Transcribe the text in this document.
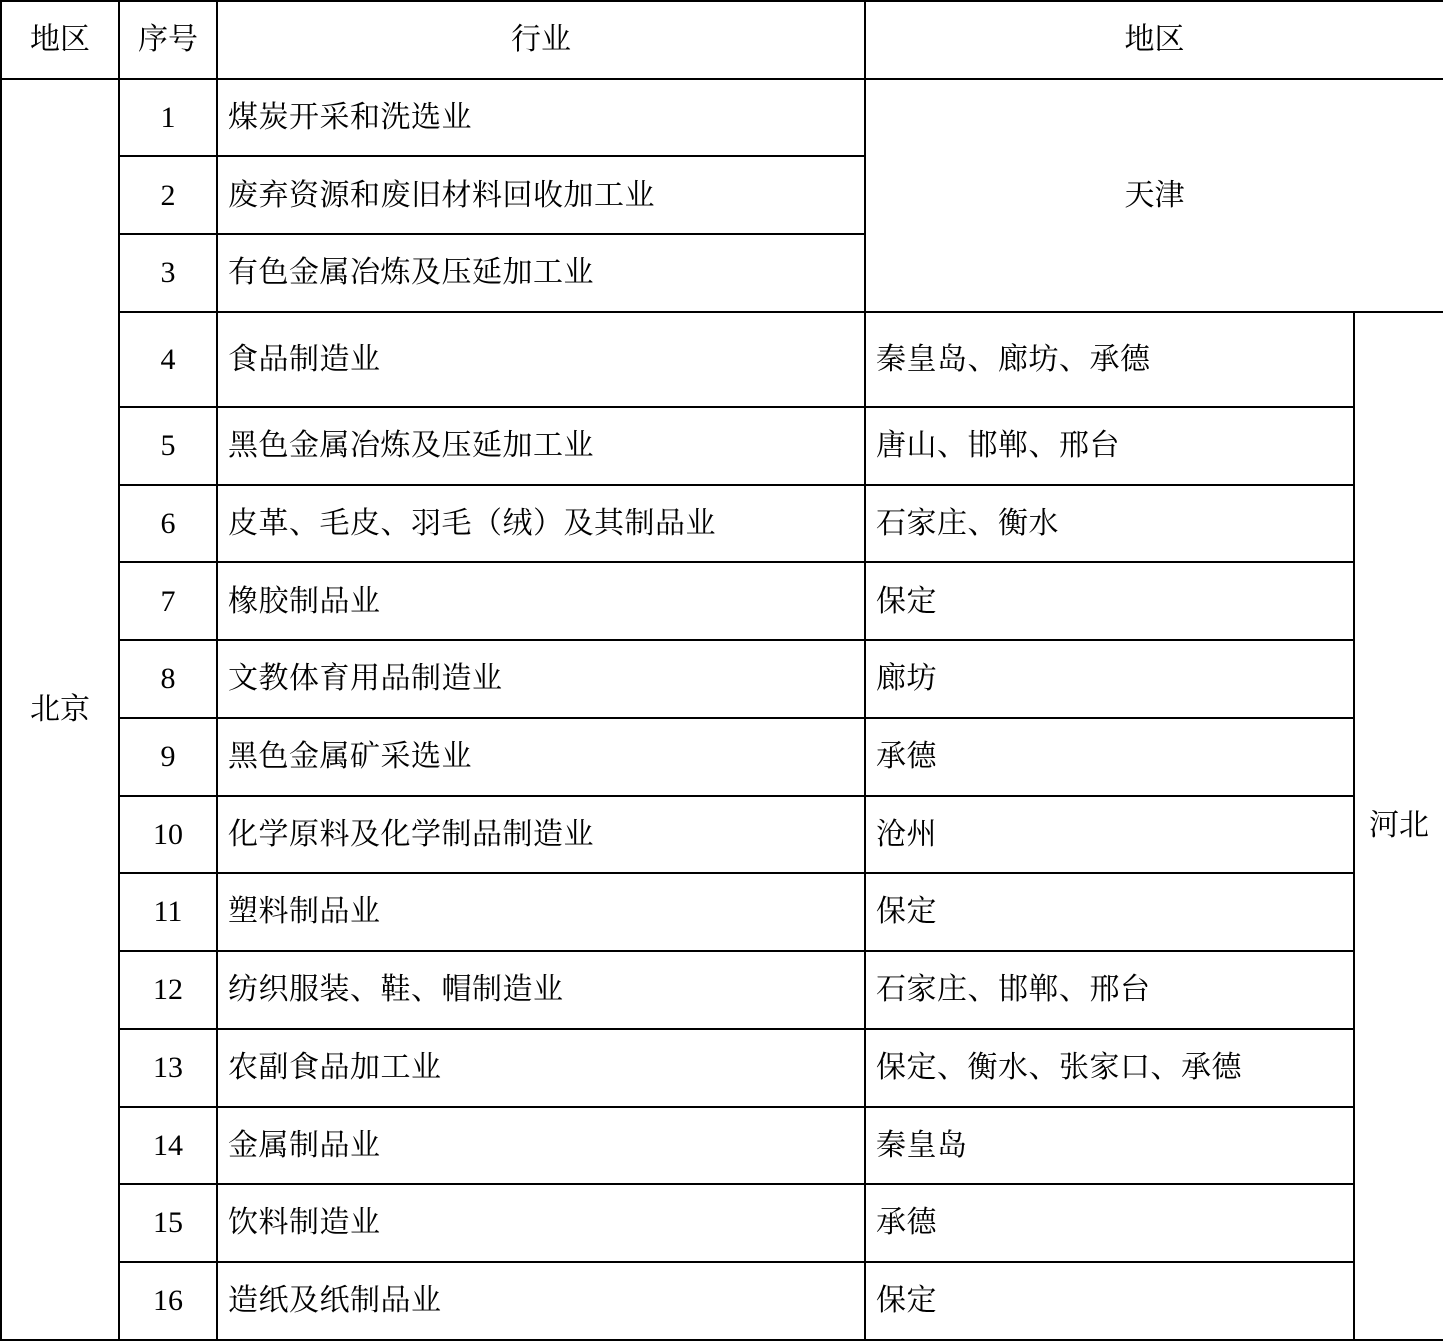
地区	序号	行业	地区	
北京	1	煤炭开采和洗选业	天津	
	2	废弃资源和废旧材料回收加工业		
	3	有色金属冶炼及压延加工业		
	4	食品制造业	秦皇岛、廊坊、承德	河北
	5	黑色金属冶炼及压延加工业	唐山、邯郸、邢台	
	6	皮革、毛皮、羽毛（绒）及其制品业	石家庄、衡水	
	7	橡胶制品业	保定	
	8	文教体育用品制造业	廊坊	
	9	黑色金属矿采选业	承德	
	10	化学原料及化学制品制造业	沧州	
	11	塑料制品业	保定	
	12	纺织服装、鞋、帽制造业	石家庄、邯郸、邢台	
	13	农副食品加工业	保定、衡水、张家口、承德	
	14	金属制品业	秦皇岛	
	15	饮料制造业	承德	
	16	造纸及纸制品业	保定	
